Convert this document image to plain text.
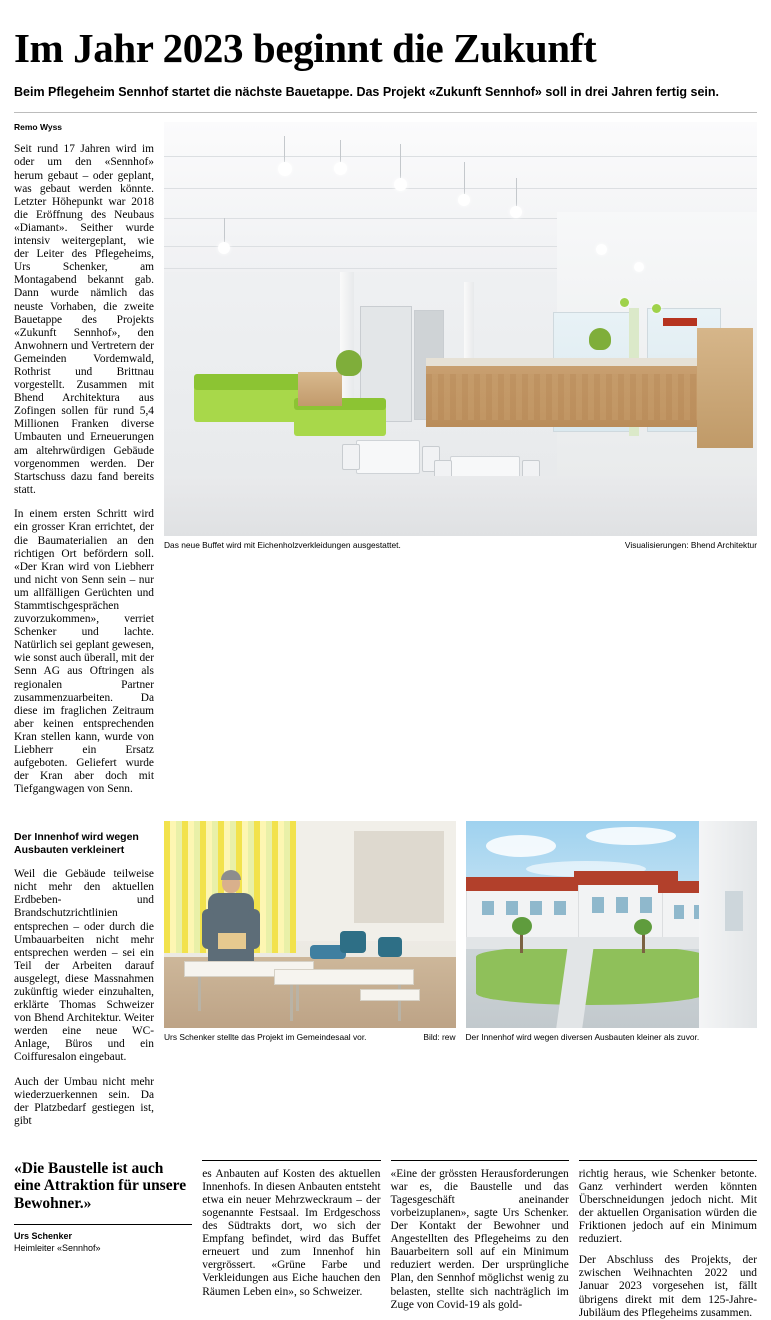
Im Jahr 2023 beginnt die Zukunft

Beim Pflegeheim Sennhof startet die nächste Bauetappe. Das Projekt «Zukunft Sennhof» soll in drei Jahren fertig sein.

Remo Wyss

Seit rund 17 Jahren wird im oder um den «Sennhof» herum gebaut – oder geplant, was gebaut werden könnte. Letzter Höhepunkt war 2018 die Eröffnung des Neubaus «Diamant». Seither wurde intensiv weitergeplant, wie der Leiter des Pflegeheims, Urs Schenker, am Montagabend bekannt gab. Dann wurde nämlich das neuste Vorhaben, die zweite Bauetappe des Projekts «Zukunft Sennhof», den Anwohnern und Vertretern der Gemeinden Vordemwald, Rothrist und Brittnau vorgestellt. Zusammen mit Bhend Architektura aus Zofingen sollen für rund 5,4 Millionen Franken diverse Umbauten und Erneuerungen am altehrwürdigen Gebäude vorgenommen werden. Der Startschuss dazu fand bereits statt.

In einem ersten Schritt wird ein grosser Kran errichtet, der die Baumaterialien an den richtigen Ort befördern soll. «Der Kran wird von Liebherr und nicht von Senn sein – nur um allfälligen Gerüchten und Stammtischgesprächen zuvorzukommen», verriet Schenker und lachte. Natürlich sei geplant gewesen, wie sonst auch überall, mit der Senn AG aus Oftringen als regionalen Partner zusammenzuarbeiten. Da diese im fraglichen Zeitraum aber keinen entsprechenden Kran stellen kann, wurde von Liebherr ein Ersatz aufgeboten. Geliefert wurde der Kran aber doch mit Tiefgangwagen von Senn.

Das neue Buffet wird mit Eichenholzverkleidungen ausgestattet.	Visualisierungen: Bhend Architektur
Der Innenhof wird wegen Ausbauten verkleinert

Weil die Gebäude teilweise nicht mehr den aktuellen Erdbeben- und Brandschutzrichtlinien entsprechen – oder durch die Umbauarbeiten nicht mehr entsprechen werden – sei ein Teil der Arbeiten darauf ausgelegt, diese Massnahmen zukünftig wieder einzuhalten, erklärte Thomas Schweizer von Bhend Architektur. Weiter werden eine neue WC-Anlage, Büros und ein Coiffuresalon eingebaut.

Auch der Umbau nicht mehr wiederzuerkennen sein. Da der Platzbedarf gestiegen ist, gibt

Urs Schenker stellte das Projekt im Gemeindesaal vor.	Bild: rew Der Innenhof wird wegen diversen Ausbauten kleiner als zuvor.
«Die Baustelle ist auch eine Attraktion für unsere Bewohner.»
Urs Schenker
Heimleiter «Sennhof»
es Anbauten auf Kosten des aktuellen Innenhofs. In diesen Anbauten entsteht etwa ein neuer Mehrzweckraum – der sogenannte Festsaal. Im Erdgeschoss des Südtrakts dort, wo sich der Empfang befindet, wird das Buffet erneuert und zum Innenhof hin vergrössert. «Grüne Farbe und Verkleidungen aus Eiche hauchen den Räumen Leben ein», so Schweizer.
«Eine der grössten Herausforderungen war es, die Baustelle und das Tagesgeschäft aneinander vorbeizuplanen», sagte Urs Schenker. Der Kontakt der Bewohner und Angestellten des Pflegeheims zu den Bauarbeitern soll auf ein Minimum reduziert werden. Der ursprüngliche Plan, den Sennhof möglichst wenig zu belasten, stellte sich nachträglich im Zuge von Covid-19 als gold-

richtig heraus, wie Schenker betonte. Ganz verhindert werden könnten Überschneidungen jedoch nicht. Mit der aktuellen Organisation würden die Friktionen jedoch auf ein Minimum reduziert.

Der Abschluss des Projekts, der zwischen Weihnachten 2022 und Januar 2023 vorgesehen ist, fällt übrigens direkt mit dem 125-Jahre-Jubiläum des Pflegeheims zusammen.
